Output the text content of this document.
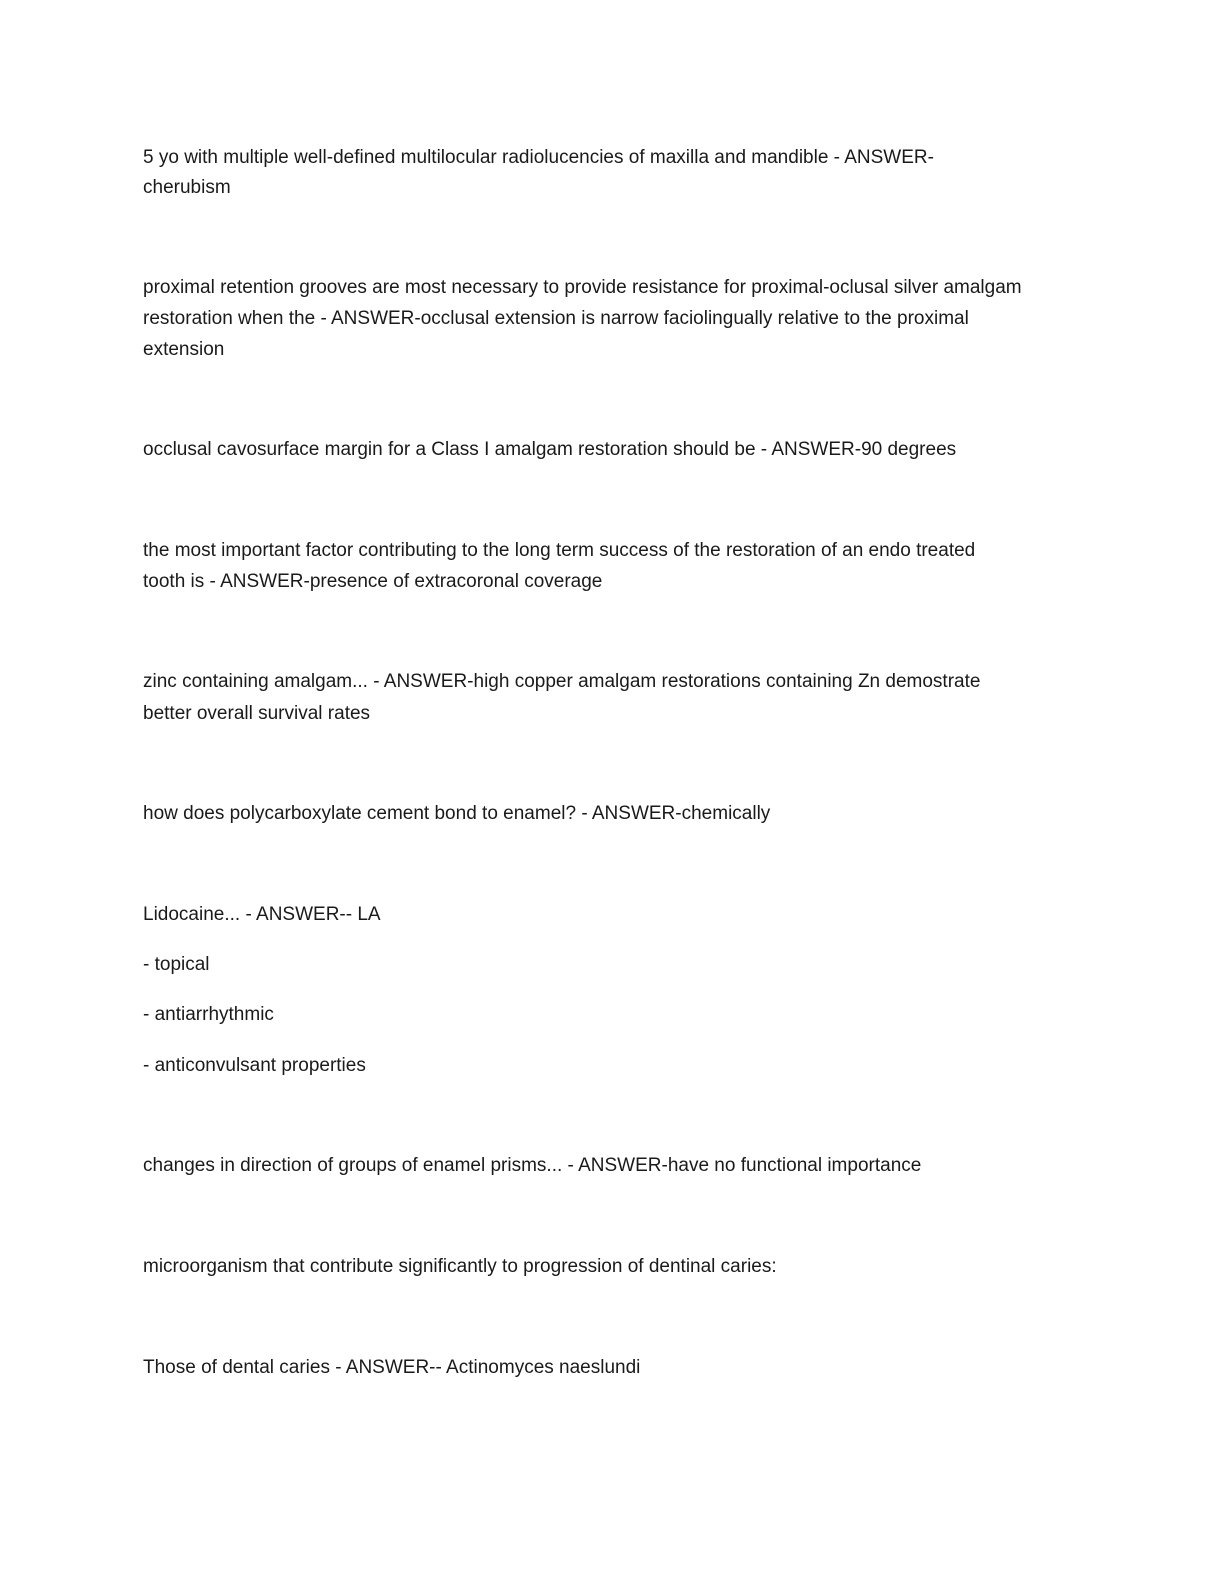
5 yo with multiple well-defined multilocular radiolucencies of maxilla and mandible - ANSWER-
cherubism
proximal retention grooves are most necessary to provide resistance for proximal-oclusal silver amalgam
restoration when the - ANSWER-occlusal extension is narrow faciolingually relative to the proximal
extension
occlusal cavosurface margin for a Class I amalgam restoration should be - ANSWER-90 degrees
the most important factor contributing to the long term success of the restoration of an endo treated
tooth is - ANSWER-presence of extracoronal coverage
zinc containing amalgam... - ANSWER-high copper amalgam restorations containing Zn demostrate
better overall survival rates
how does polycarboxylate cement bond to enamel? - ANSWER-chemically
Lidocaine... - ANSWER-- LA
- topical
- antiarrhythmic
- anticonvulsant properties
changes in direction of groups of enamel prisms... - ANSWER-have no functional importance
microorganism that contribute significantly to progression of dentinal caries:
Those of dental caries - ANSWER-- Actinomyces naeslundi
